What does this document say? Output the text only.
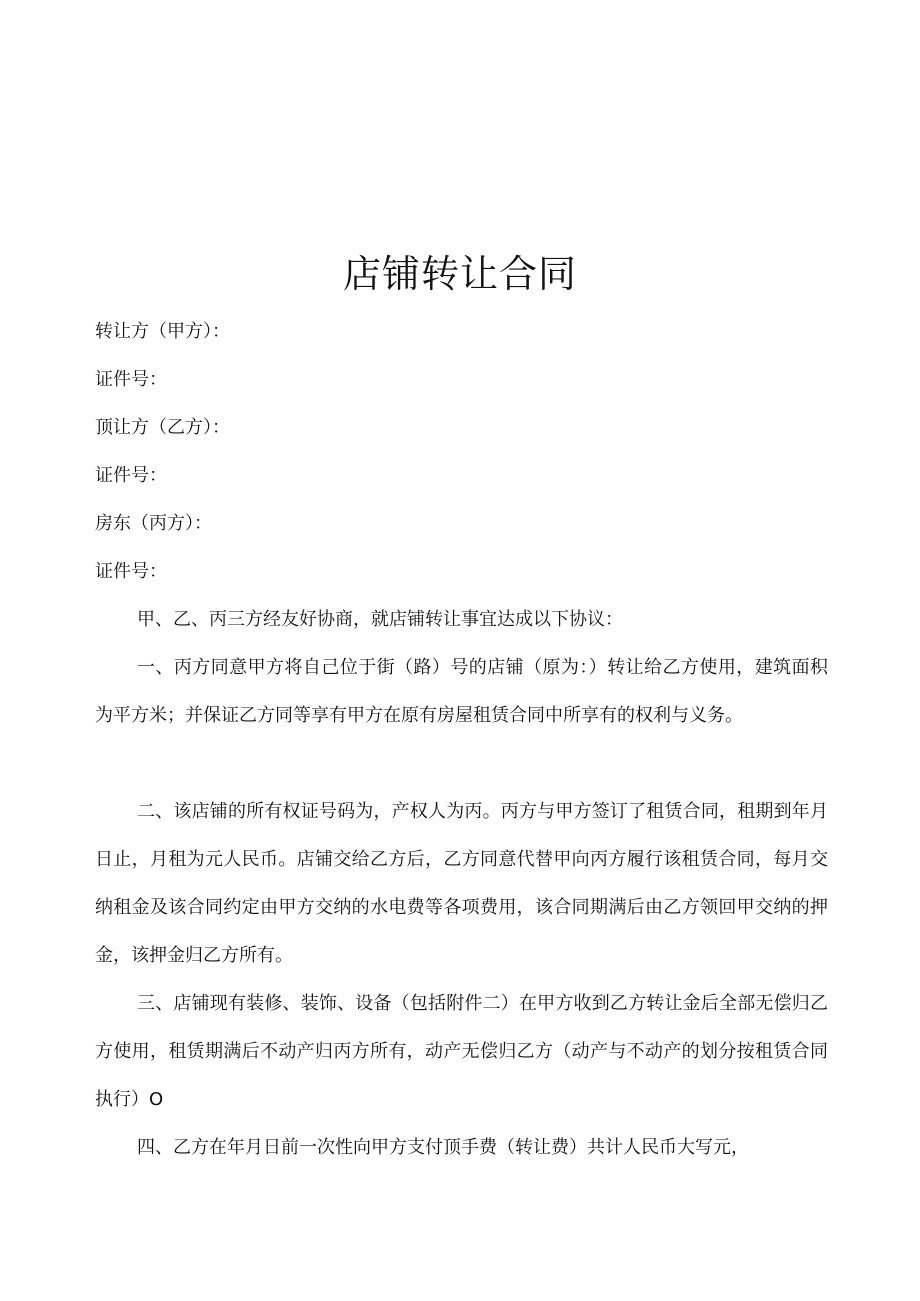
店铺转让合同

转让方（甲方）：

证件号：

顶让方（乙方）：

证件号：

房东（丙方）：

证件号：

甲、乙、丙三方经友好协商，就店铺转让事宜达成以下协议：

一、丙方同意甲方将自己位于街（路）号的店铺（原为：）转让给乙方使用，建筑面积为平方米；并保证乙方同等享有甲方在原有房屋租赁合同中所享有的权利与义务。

二、该店铺的所有权证号码为，产权人为丙。丙方与甲方签订了租赁合同，租期到年月日止，月租为元人民币。店铺交给乙方后，乙方同意代替甲向丙方履行该租赁合同，每月交纳租金及该合同约定由甲方交纳的水电费等各项费用，该合同期满后由乙方领回甲交纳的押金，该押金归乙方所有。

三、店铺现有装修、装饰、设备（包括附件二）在甲方收到乙方转让金后全部无偿归乙方使用，租赁期满后不动产归丙方所有，动产无偿归乙方（动产与不动产的划分按租赁合同执行）O

四、乙方在年月日前一次性向甲方支付顶手费（转让费）共计人民币大写元，
